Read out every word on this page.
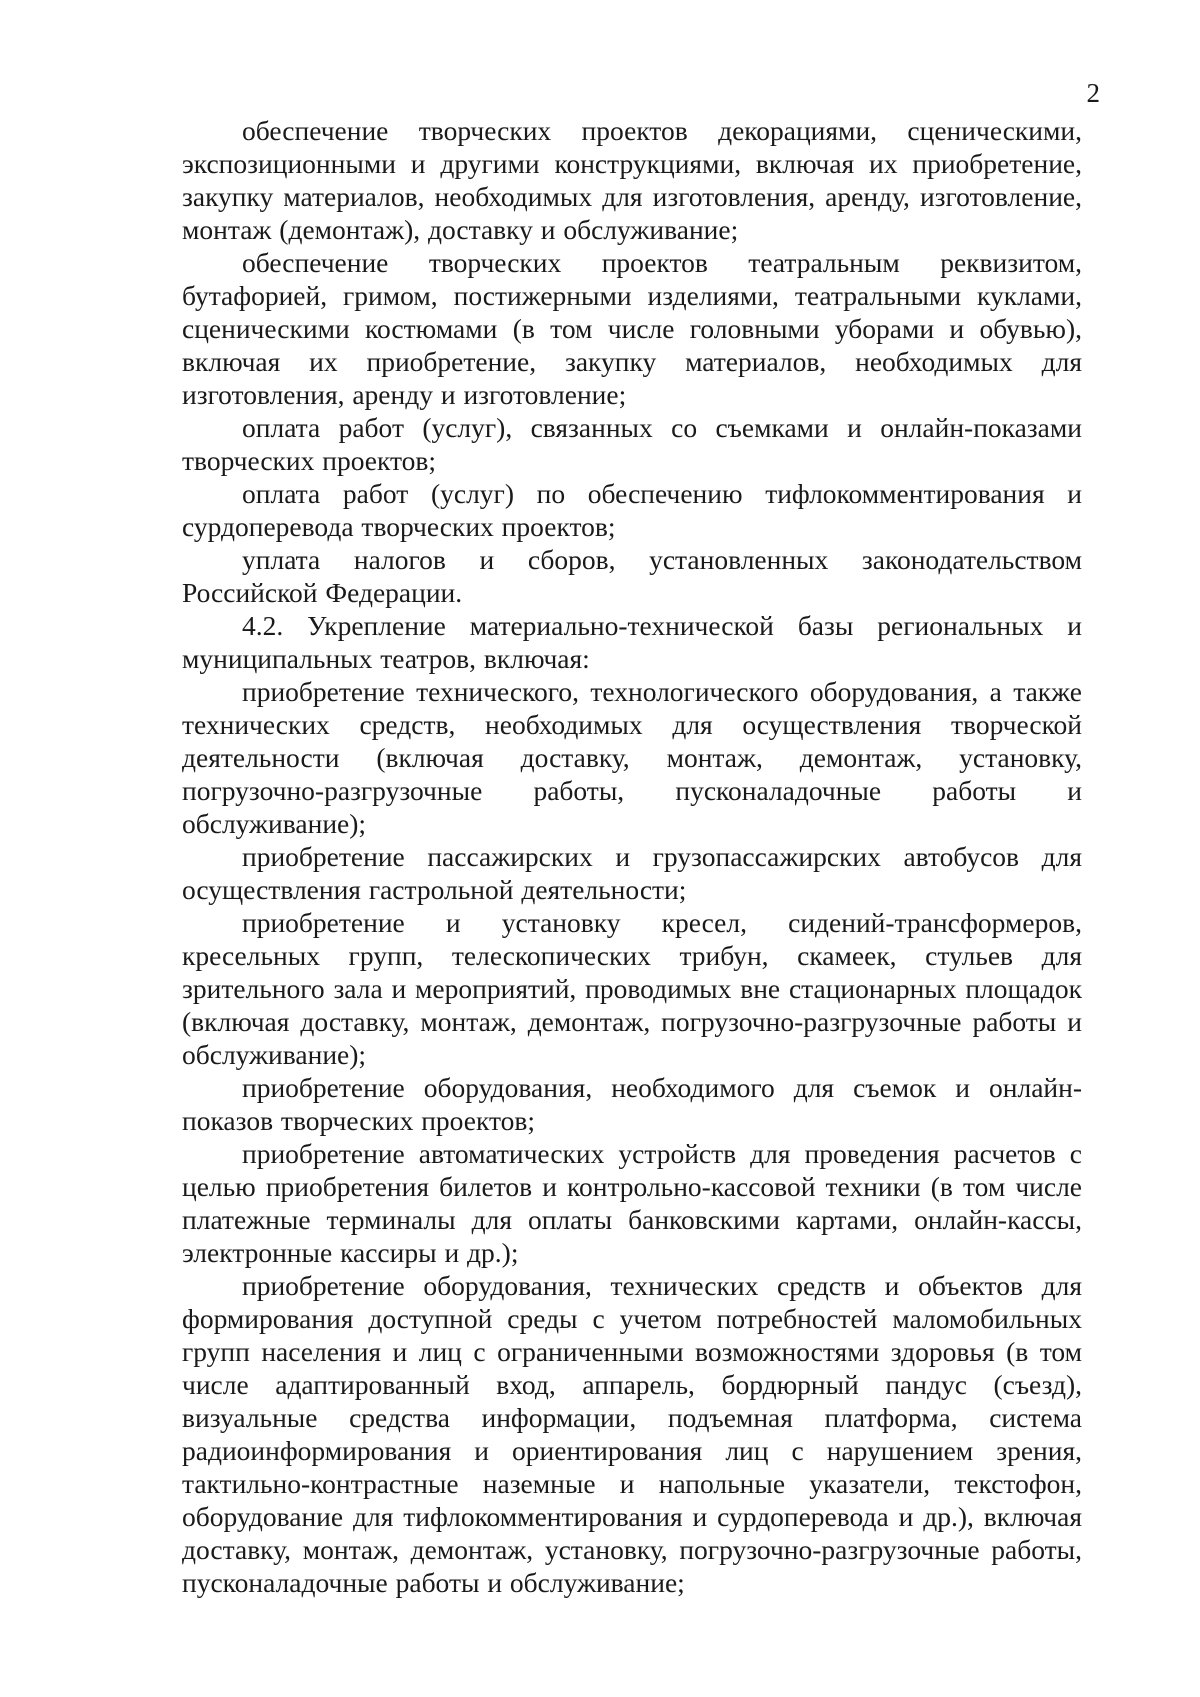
2

обеспечение творческих проектов декорациями, сценическими, экспозиционными и другими конструкциями, включая их приобретение, закупку материалов, необходимых для изготовления, аренду, изготовление, монтаж (демонтаж), доставку и обслуживание;

обеспечение творческих проектов театральным реквизитом, бутафорией, гримом, постижерными изделиями, театральными куклами, сценическими костюмами (в том числе головными уборами и обувью), включая их приобретение, закупку материалов, необходимых для изготовления, аренду и изготовление;

оплата работ (услуг), связанных со съемками и онлайн-показами творческих проектов;

оплата работ (услуг) по обеспечению тифлокомментирования и сурдоперевода творческих проектов;

уплата налогов и сборов, установленных законодательством Российской Федерации.

4.2. Укрепление материально-технической базы региональных и муниципальных театров, включая:

приобретение технического, технологического оборудования, а также технических средств, необходимых для осуществления творческой деятельности (включая доставку, монтаж, демонтаж, установку, погрузочно-разгрузочные работы, пусконаладочные работы и обслуживание);

приобретение пассажирских и грузопассажирских автобусов для осуществления гастрольной деятельности;

приобретение и установку кресел, сидений-трансформеров, кресельных групп, телескопических трибун, скамеек, стульев для зрительного зала и мероприятий, проводимых вне стационарных площадок (включая доставку, монтаж, демонтаж, погрузочно-разгрузочные работы и обслуживание);

приобретение оборудования, необходимого для съемок и онлайн-показов творческих проектов;

приобретение автоматических устройств для проведения расчетов с целью приобретения билетов и контрольно-кассовой техники (в том числе платежные терминалы для оплаты банковскими картами, онлайн-кассы, электронные кассиры и др.);

приобретение оборудования, технических средств и объектов для формирования доступной среды с учетом потребностей маломобильных групп населения и лиц с ограниченными возможностями здоровья (в том числе адаптированный вход, аппарель, бордюрный пандус (съезд), визуальные средства информации, подъемная платформа, система радиоинформирования и ориентирования лиц с нарушением зрения, тактильно-контрастные наземные и напольные указатели, текстофон, оборудование для тифлокомментирования и сурдоперевода и др.), включая доставку, монтаж, демонтаж, установку, погрузочно-разгрузочные работы, пусконаладочные работы и обслуживание;
